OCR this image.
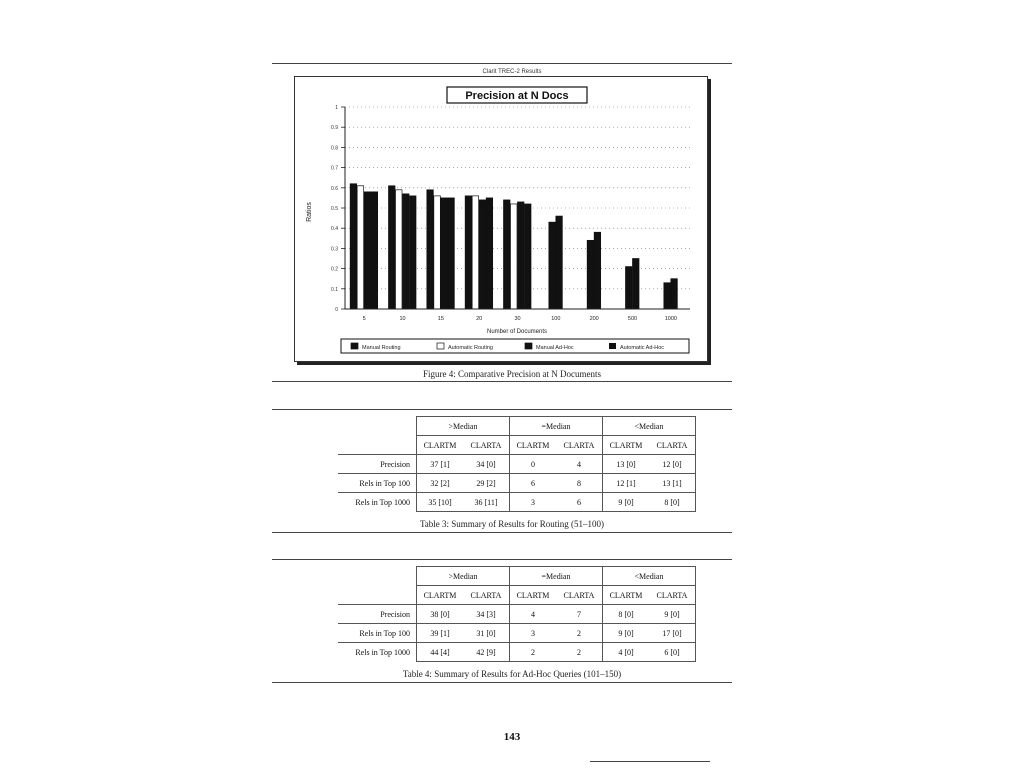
Clarit TREC-2 Results
Precision at N Docs
0
0.1
0.2
0.3
0.4
0.5
0.6
0.7
0.8
0.9
1
5	10	15	20	30	100	200	500	1000
Ratios
Number of Documents
Manual Routing	Automatic Routing	Manual Ad-Hoc	Automatic Ad-Hoc
Figure 4: Comparative Precision at N Documents
	>Median		=Median		<Median	
	CLARTM	CLARTA	CLARTM	CLARTA	CLARTM	CLARTA
Precision	37 [1]	34 [0]	0	4	13 [0]	12 [0]
Rels in Top 100	32 [2]	29 [2]	6	8	12 [1]	13 [1]
Rels in Top 1000	35 [10]	36 [11]	3	6	9 [0]	8 [0]
Table 3: Summary of Results for Routing (51–100)
	>Median		=Median		<Median	
	CLARTM	CLARTA	CLARTM	CLARTA	CLARTM	CLARTA
Precision	38 [0]	34 [3]	4	7	8 [0]	9 [0]
Rels in Top 100	39 [1]	31 [0]	3	2	9 [0]	17 [0]
Rels in Top 1000	44 [4]	42 [9]	2	2	4 [0]	6 [0]
Table 4: Summary of Results for Ad-Hoc Queries (101–150)
143
